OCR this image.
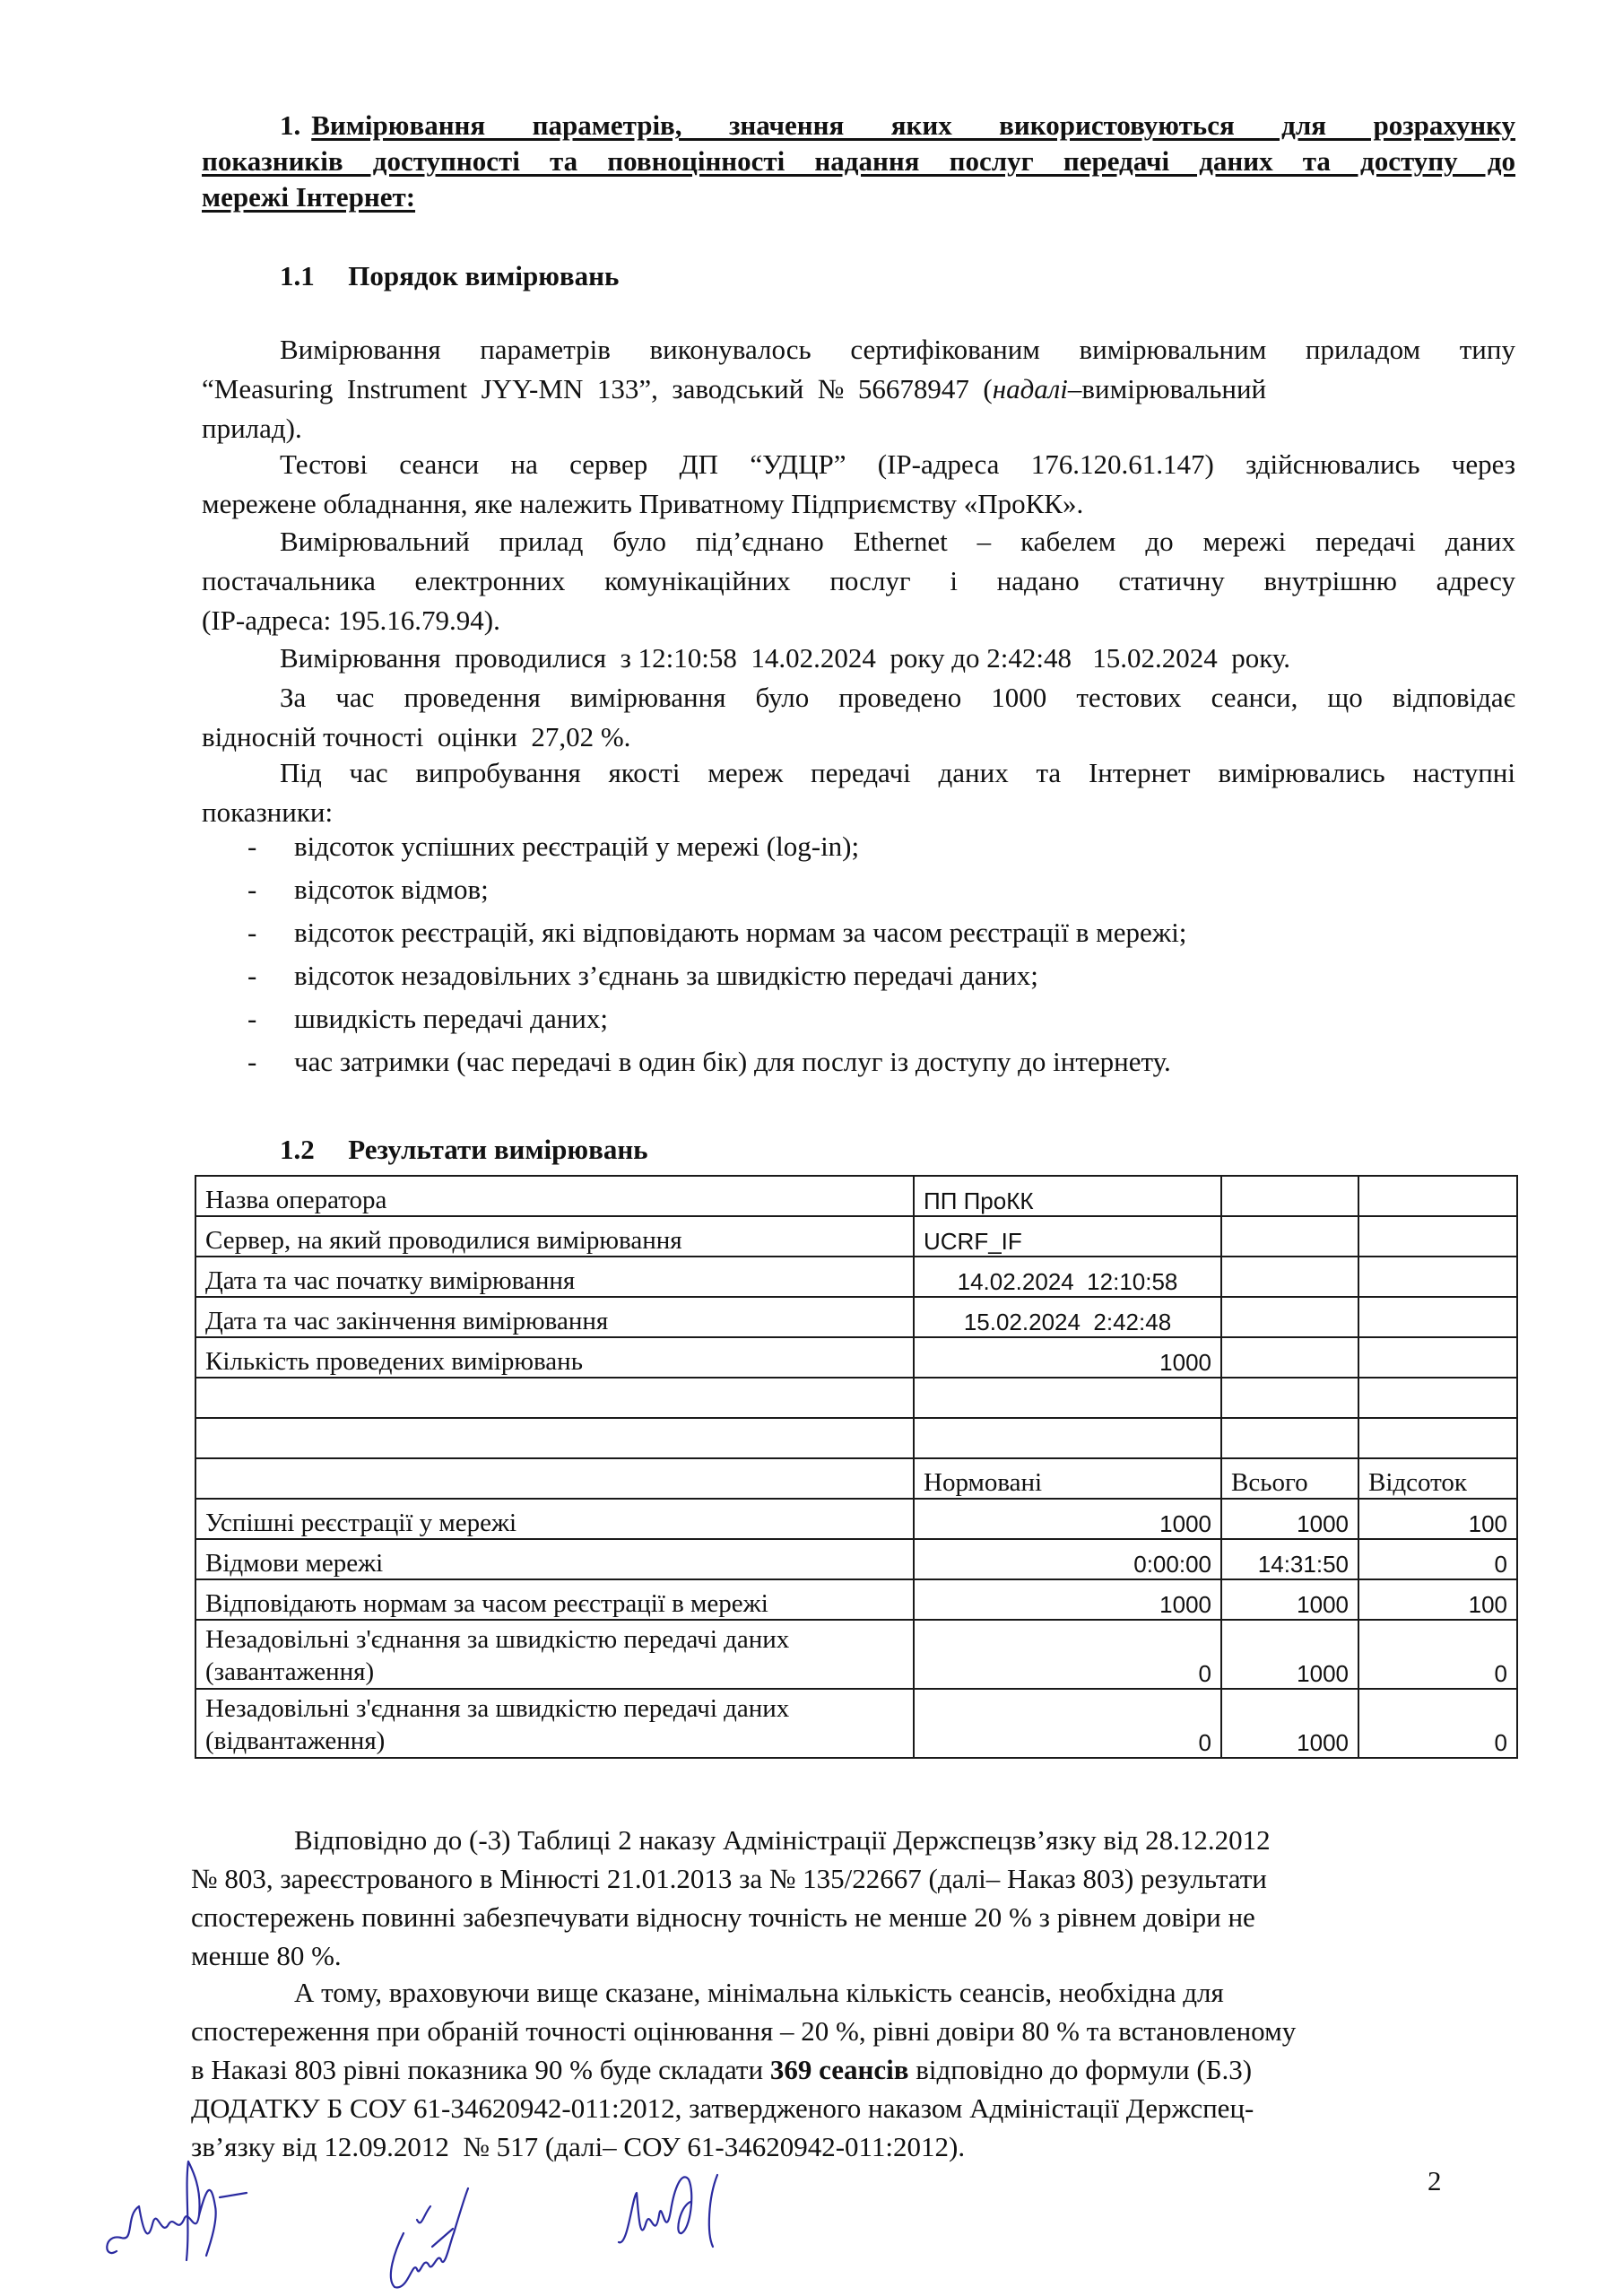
1. Вимірювання  параметрів,  значення  яких  використовуються  для  розрахунку
показників доступності та повноцінності надання послуг передачі даних та доступу до
мережі Інтернет:
1.1 Порядок вимірювань
Вимірювання параметрів виконувалось сертифікованим вимірювальним приладом типу
“Measuring  Instrument  JYY-MN  133”,  заводський  №  56678947  ( надалі–вимірювальний
прилад).
Тестові сеанси на сервер ДП “УДЦР” (IP-адреса 176.120.61.147) здійснювались через
мережене обладнання, яке належить Приватному Підприємству «ПроКК».
Вимірювальний прилад було під’єднано Ethernet – кабелем до мережі передачі даних
постачальника електронних комунікаційних послуг і надано статичну внутрішню адресу
(IP-адреса: 195.16.79.94).
Вимірювання  проводилися  з 12:10:58  14.02.2024  року до 2:42:48   15.02.2024  року.
За час проведення вимірювання було проведено 1000 тестових сеанси, що відповідає
відносній точності  оцінки  27,02 %.
Під час випробування якості мереж передачі даних та Інтернет вимірювались наступні
показники:
- відсоток успішних реєстрацій у мережі (log-in);
- відсоток відмов;
- відсоток реєстрацій, які відповідають нормам за часом реєстрації в мережі;
- відсоток незадовільних з’єднань за швидкістю передачі даних;
- швидкість передачі даних;
- час затримки (час передачі в один бік) для послуг із доступу до інтернету.
1.2 Результати вимірювань
Назва оператора	ПП ПроКК		
Сервер, на який проводилися вимірювання	UCRF_IF		
Дата та час початку вимірювання	14.02.2024  12:10:58		
Дата та час закінчення вимірювання	15.02.2024  2:42:48		
Кількість проведених вимірювань	1000		

	Нормовані	Всього	Відсоток
Успішні реєстрації у мережі	1000	1000	100
Відмови мережі	0:00:00	14:31:50	0
Відповідають нормам за часом реєстрації в мережі	1000	1000	100

Незадовільні з'єднання за швидкістю передачі даних
(завантаження)	0	1000	0

Незадовільні з'єднання за швидкістю передачі даних
(відвантаження)	0	1000	0
Відповідно до (-3) Таблиці 2 наказу Адміністрації Держспецзв’язку від 28.12.2012
№ 803, зареєстрованого в Мінюсті 21.01.2013 за № 135/22667 (далі– Наказ 803) результати
спостережень повинні забезпечувати відносну точність не менше 20 % з рівнем довіри не
менше 80 %.
А тому, враховуючи вище сказане, мінімальна кількість сеансів, необхідна для
спостереження при обраній точності оцінювання – 20 %, рівні довіри 80 % та встановленому
в Наказі 803 рівні показника 90 % буде складати 369 сеансів відповідно до формули (Б.3)
ДОДАТКУ Б СОУ 61-34620942-011:2012, затвердженого наказом Адміністації Держспец-
зв’язку від 12.09.2012  № 517 (далі– СОУ 61-34620942-011:2012).
2
